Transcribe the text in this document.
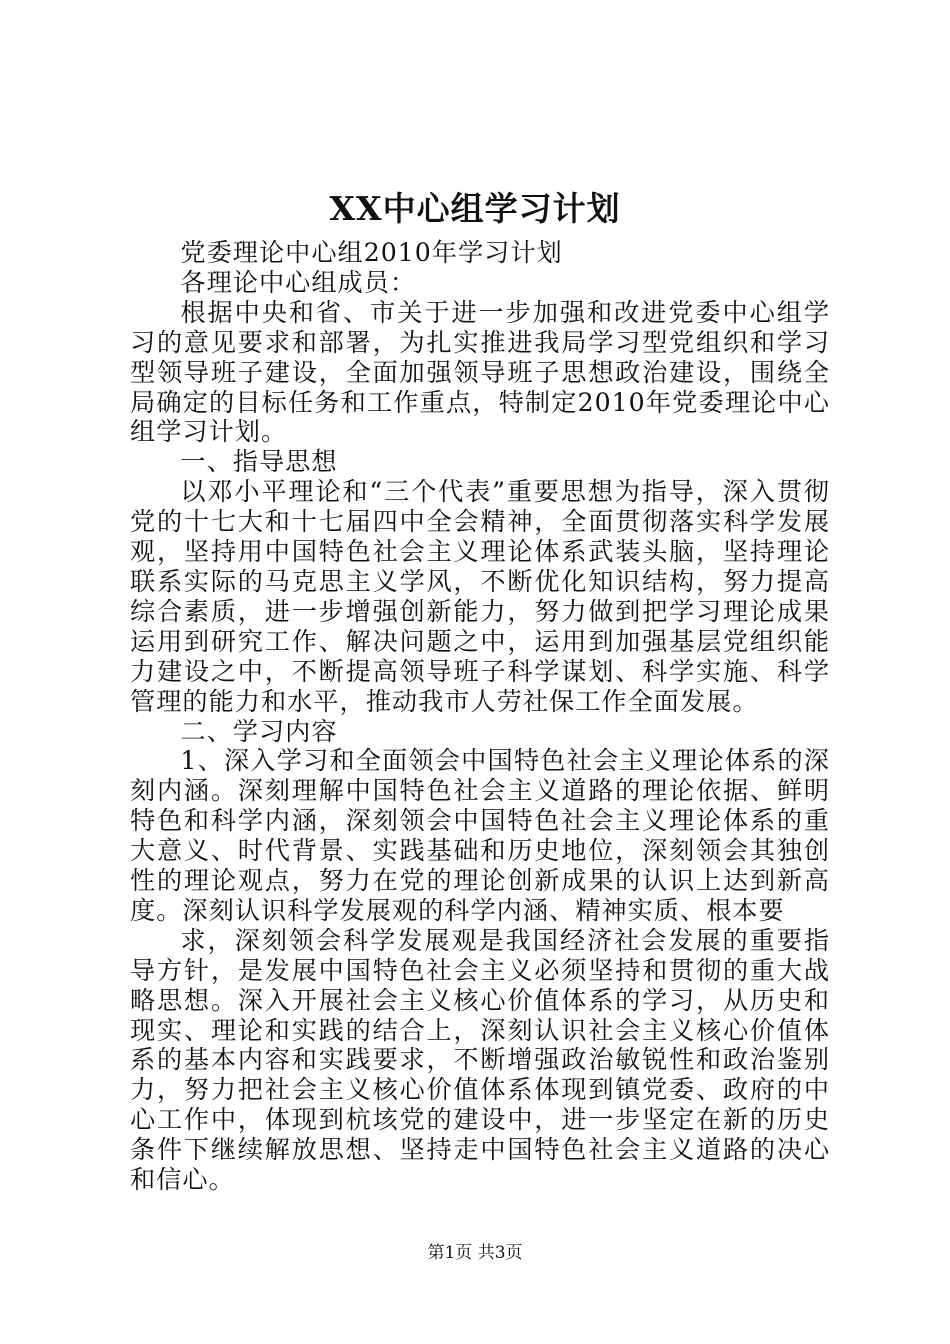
XX中心组学习计划

党委理论中心组2010年学习计划

各理论中心组成员：

根据中央和省、市关于进一步加强和改进党委中心组学习的意见要求和部署，为扎实推进我局学习型党组织和学习型领导班子建设，全面加强领导班子思想政治建设，围绕全局确定的目标任务和工作重点，特制定2010年党委理论中心组学习计划。

一、指导思想

以邓小平理论和“三个代表”重要思想为指导，深入贯彻党的十七大和十七届四中全会精神，全面贯彻落实科学发展观，坚持用中国特色社会主义理论体系武装头脑，坚持理论联系实际的马克思主义学风，不断优化知识结构，努力提高综合素质，进一步增强创新能力，努力做到把学习理论成果运用到研究工作、解决问题之中，运用到加强基层党组织能力建设之中，不断提高领导班子科学谋划、科学实施、科学管理的能力和水平，推动我市人劳社保工作全面发展。

二、学习内容

1、深入学习和全面领会中国特色社会主义理论体系的深刻内涵。深刻理解中国特色社会主义道路的理论依据、鲜明特色和科学内涵，深刻领会中国特色社会主义理论体系的重大意义、时代背景、实践基础和历史地位，深刻领会其独创性的理论观点，努力在党的理论创新成果的认识上达到新高度。深刻认识科学发展观的科学内涵、精神实质、根本要

求，深刻领会科学发展观是我国经济社会发展的重要指导方针，是发展中国特色社会主义必须坚持和贯彻的重大战略思想。深入开展社会主义核心价值体系的学习，从历史和现实、理论和实践的结合上，深刻认识社会主义核心价值体系的基本内容和实践要求，不断增强政治敏锐性和政治鉴别力，努力把社会主义核心价值体系体现到镇党委、政府的中心工作中，体现到杭垓党的建设中，进一步坚定在新的历史条件下继续解放思想、坚持走中国特色社会主义道路的决心和信心。

第1页 共3页
